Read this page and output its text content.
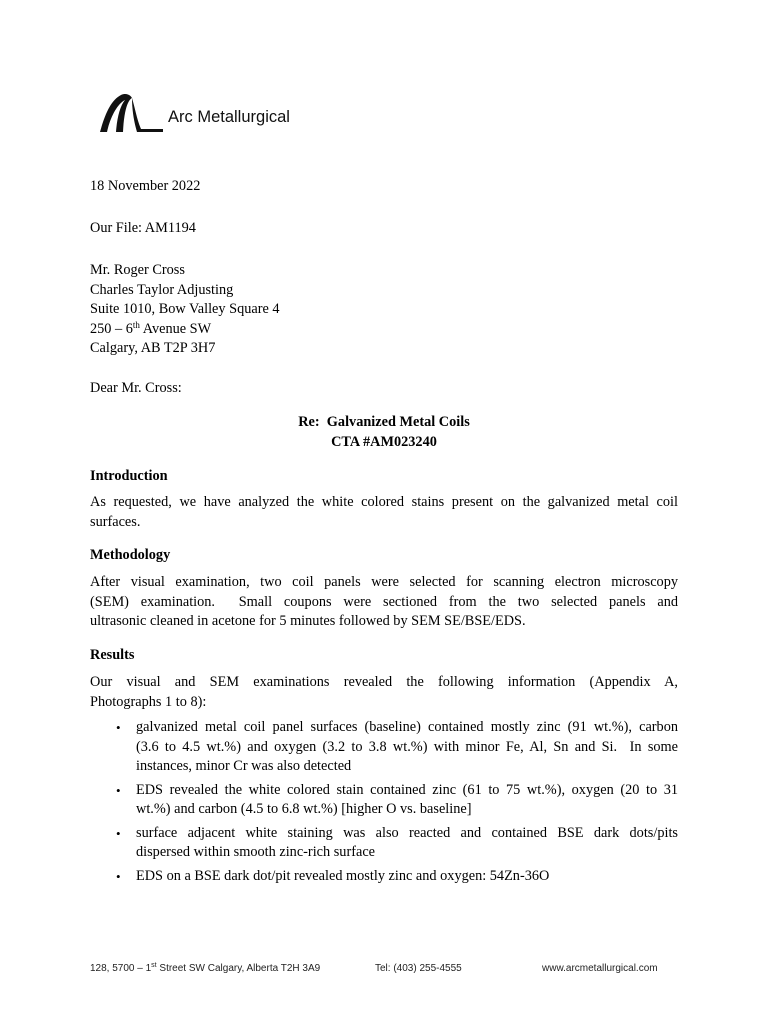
Arc Metallurgical
18 November 2022
Our File: AM1194
Mr. Roger Cross
Charles Taylor Adjusting
Suite 1010, Bow Valley Square 4
250 – 6th Avenue SW
Calgary, AB T2P 3H7
Dear Mr. Cross:
Re:  Galvanized Metal Coils
CTA #AM023240
Introduction
As requested, we have analyzed the white colored stains present on the galvanized metal coil
surfaces.
Methodology
After visual examination, two coil panels were selected for scanning electron microscopy
(SEM) examination.  Small coupons were sectioned from the two selected panels and
ultrasonic cleaned in acetone for 5 minutes followed by SEM SE/BSE/EDS.
Results
Our visual and SEM examinations revealed the following information (Appendix A,
Photographs 1 to 8):
• galvanized metal coil panel surfaces (baseline) contained mostly zinc (91 wt.%), carbon
(3.6 to 4.5 wt.%) and oxygen (3.2 to 3.8 wt.%) with minor Fe, Al, Sn and Si.  In some
instances, minor Cr was also detected
• EDS revealed the white colored stain contained zinc (61 to 75 wt.%), oxygen (20 to 31
wt.%) and carbon (4.5 to 6.8 wt.%) [higher O vs. baseline]
• surface adjacent white staining was also reacted and contained BSE dark dots/pits
dispersed within smooth zinc-rich surface
• EDS on a BSE dark dot/pit revealed mostly zinc and oxygen: 54Zn-36O
128, 5700 – 1st Street SW Calgary, Alberta T2H 3A9	Tel: (403) 255-4555	www.arcmetallurgical.com
